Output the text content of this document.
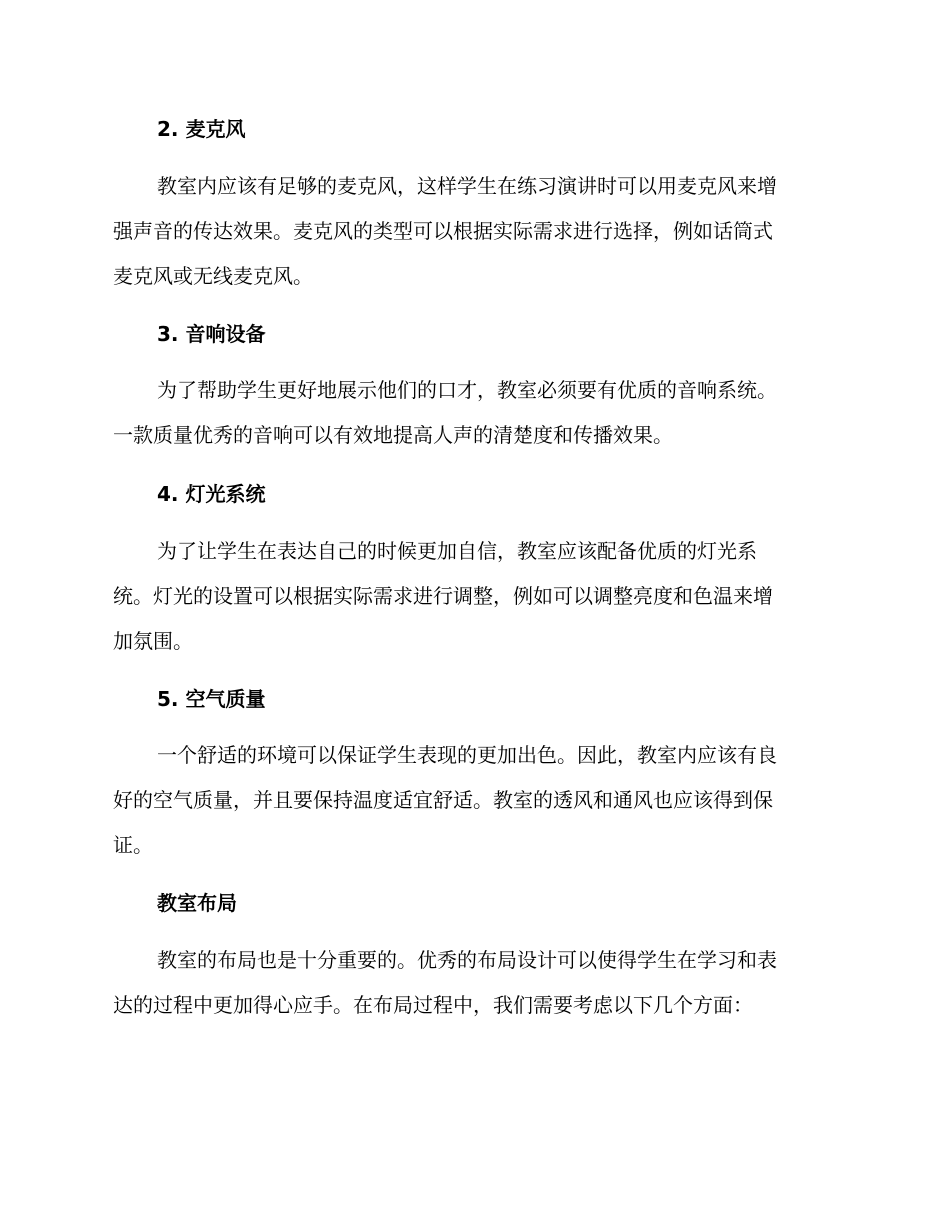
2. 麦克风
教室内应该有足够的麦克风，这样学生在练习演讲时可以用麦克风来增
强声音的传达效果。麦克风的类型可以根据实际需求进行选择，例如话筒式
麦克风或无线麦克风。
3. 音响设备
为了帮助学生更好地展示他们的口才，教室必须要有优质的音响系统。
一款质量优秀的音响可以有效地提高人声的清楚度和传播效果。
4. 灯光系统
为了让学生在表达自己的时候更加自信，教室应该配备优质的灯光系
统。灯光的设置可以根据实际需求进行调整，例如可以调整亮度和色温来增
加氛围。
5. 空气质量
一个舒适的环境可以保证学生表现的更加出色。因此，教室内应该有良
好的空气质量，并且要保持温度适宜舒适。教室的透风和通风也应该得到保
证。
教室布局
教室的布局也是十分重要的。优秀的布局设计可以使得学生在学习和表
达的过程中更加得心应手。在布局过程中，我们需要考虑以下几个方面：
